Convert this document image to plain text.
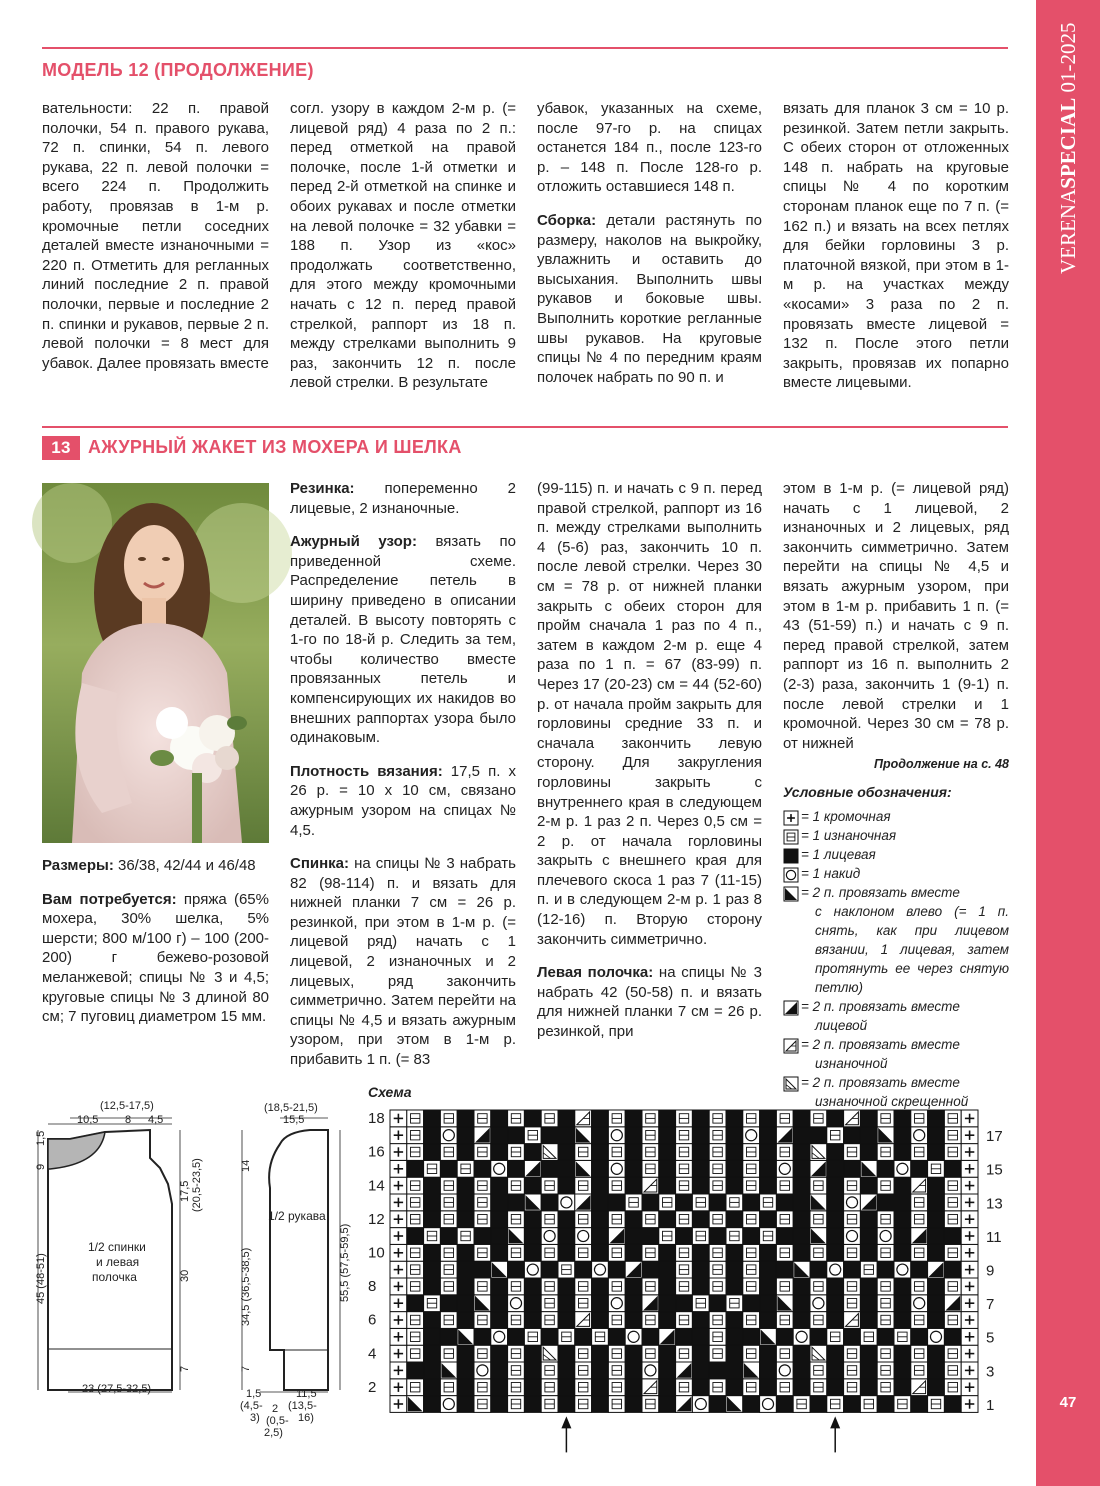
VERENASPECIAL 01-2025
47
МОДЕЛЬ 12 (ПРОДОЛЖЕНИЕ)
вательности: 22 п. правой полочки, 54 п. правого рукава, 72 п. спинки, 54 п. левого рукава, 22 п. левой полочки = всего 224 п. Продолжить работу, провязав в 1-м р. кромочные петли соседних деталей вместе изнаночными = 220 п. Отметить для регланных линий последние 2 п. правой полочки, первые и последние 2 п. спинки и рукавов, первые 2 п. левой полочки = 8 мест для убавок. Далее провязать вместе
согл. узору в каждом 2-м р. (= лицевой ряд) 4 раза по 2 п.: перед отметкой на правой полочке, после 1-й отметки и перед 2-й отметкой на спинке и обоих рукавах и после отметки на левой полочке = 32 убавки = 188 п. Узор из «кос» продолжать соответственно, для этого между кромочными начать с 12 п. перед правой стрелкой, раппорт из 18 п. между стрелками выполнить 9 раз, закончить 12 п. после левой стрелки. В результате

убавок, указанных на схеме, после 97-го р. на спицах останется 184 п., после 123-го р. – 148 п. После 128-го р. отложить оставшиеся 148 п.

Сборка: детали растянуть по размеру, наколов на выкройку, увлажнить и оставить до высыхания. Выполнить швы рукавов и боковые швы. Выполнить короткие регланные швы рукавов. На круговые спицы № 4 по передним краям полочек набрать по 90 п. и

вязать для планок 3 см = 10 р. резинкой. Затем петли закрыть. С обеих сторон от отложенных 148 п. набрать на круговые спицы № 4 по коротким сторонам планок еще по 7 п. (= 162 п.) и вязать на всех петлях для бейки горловины 3 р. платочной вязкой, при этом в 1-м р. на участках между «косами» 3 раза по 2 п. провязать вместе лицевой = 132 п. После этого петли закрыть, провязав их попарно вместе лицевыми.
13 АЖУРНЫЙ ЖАКЕТ ИЗ МОХЕРА И ШЕЛКА

Размеры: 36/38, 42/44 и 46/48

Вам потребуется: пряжа (65% мохера, 30% шелка, 5% шерсти; 800 м/100 г) – 100 (200-200) г бежево-розовой меланжевой; спицы № 3 и 4,5; круговые спицы № 3 длиной 80 см; 7 пуговиц диаметром 15 мм.

Резинка: попеременно 2 лицевые, 2 изнаночные.

Ажурный узор: вязать по приведенной схеме. Распределение петель в ширину приведено в описании деталей. В высоту повторять с 1-го по 18-й р. Следить за тем, чтобы количество вместе провязанных петель и компенсирующих их накидов во внешних раппортах узора было одинаковым.

Плотность вязания: 17,5 п. x 26 р. = 10 x 10 см, связано ажурным узором на спицах № 4,5.

Спинка: на спицы № 3 набрать 82 (98-114) п. и вязать для нижней планки 7 см = 26 р. резинкой, при этом в 1-м р. (= лицевой ряд) начать с 1 лицевой, 2 изнаночных и 2 лицевых, ряд закончить симметрично. Затем перейти на спицы № 4,5 и вязать ажурным узором, при этом в 1-м р. прибавить 1 п. (= 83

(99-115) п. и начать с 9 п. перед правой стрелкой, раппорт из 16 п. между стрелками выполнить 4 (5-6) раз, закончить 10 п. после левой стрелки. Через 30 см = 78 р. от нижней планки закрыть с обеих сторон для пройм сначала 1 раз по 4 п., затем в каждом 2-м р. еще 4 раза по 1 п. = 67 (83-99) п. Через 17 (20-23) см = 44 (52-60) р. от начала пройм закрыть для горловины средние 33 п. и сначала закончить левую сторону. Для закругления горловины закрыть с внутреннего края в следующем 2-м р. 1 раз 2 п. Через 0,5 см = 2 р. от начала горловины закрыть с внешнего края для плечевого скоса 1 раз 7 (11-15) п. и в следующем 2-м р. 1 раз 8 (12-16) п. Вторую сторону закончить симметрично.

Левая полочка: на спицы № 3 набрать 42 (50-58) п. и вязать для нижней планки 7 см = 26 р. резинкой, при

этом в 1-м р. (= лицевой ряд) начать с 1 лицевой, 2 изнаночных и 2 лицевых, ряд закончить симметрично. Затем перейти на спицы № 4,5 и вязать ажурным узором, при этом в 1-м р. прибавить 1 п. (= 43 (51-59) п.) и начать с 9 п. перед правой стрелкой, затем раппорт из 16 п. выполнить 2 (2-3) раза, закончить 1 (9-1) п. после левой стрелки и 1 кромочной. Через 30 см = 78 р. от нижней
Продолжение на с. 48
Условные обозначения:
= 1 кромочная
= 1 изнаночная
= 1 лицевая
= 1 накид
= 2 п. провязать вместе
с наклоном влево (= 1 п. снять, как при лицевом вязании, 1 лицевая, затем протянуть ее через снятую петлю)
= 2 п. провязать вместе
лицевой
= 2 п. провязать вместе
изнаночной
= 2 п. провязать вместе
изнаночной скрещенной
Схема
18
16
14
12
10
8
6
4
2
17
15
13
11
9
7
5
3
1
(12,5-17,5)
10,5 8 4,5
1,5
9
45 (48-51)
17,5 (20,5-23,5)
30
7
1/2 спинки
и левая
полочка
23 (27,5-32,5)
(18,5-21,5)
15,5
14
34,5 (36,5-38,5)
7
55,5 (57,5-59,5)
1/2 рукава
1,5
(4,5-
3)
2
(0,5-
2,5)
11,5
(13,5-
16)
